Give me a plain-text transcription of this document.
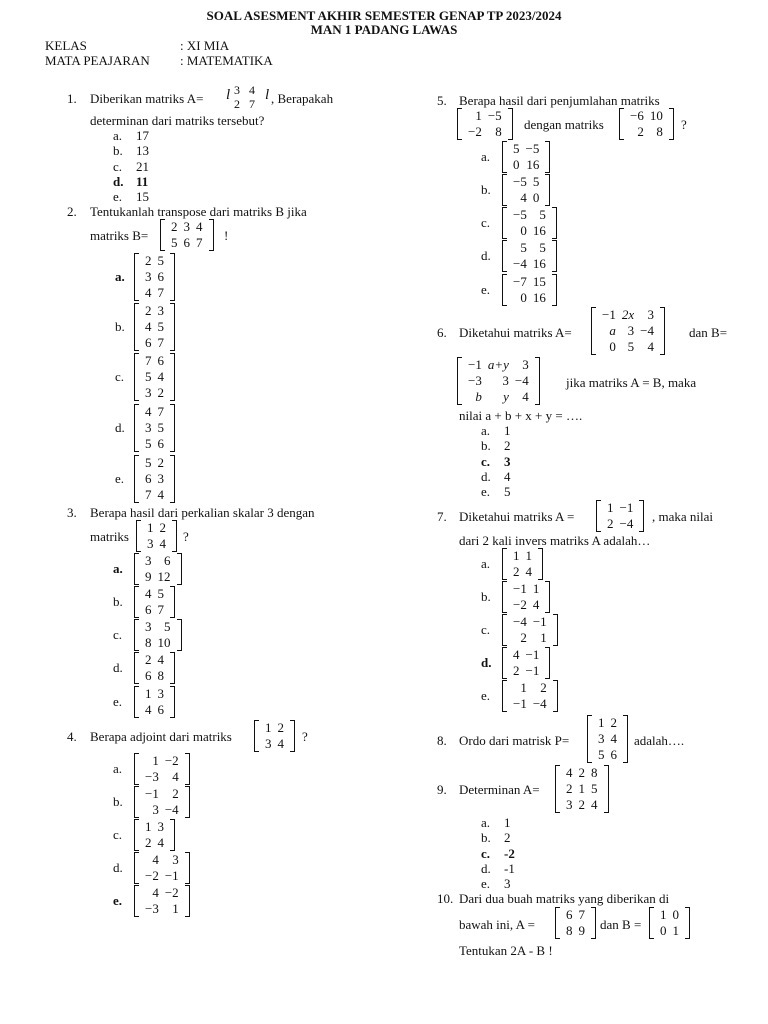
SOAL ASESMENT AKHIR SEMESTER GENAP TP 2023/2024
MAN 1 PADANG LAWAS
KELAS	: XI MIA
MATA PEAJARAN : MATEMATIKA
1. Diberikan matriks A= l 3   4
2   7
l , Berapakah
determinan dari matriks tersebut?
2. Tentukanlah transpose dari matriks B jika
matriks B=	!
3. Berapa hasil dari perkalian skalar 3 dengan
matriks	?
4. Berapa adjoint dari matriks	?
5. Berapa hasil dari penjumlahan matriks
dengan matriks	?
6. Diketahui matriks A=	dan B=
jika matriks A = B, maka
nilai a + b + x + y = ….
7. Diketahui matriks A =	, maka nilai
dari 2 kali invers matriks A adalah…
8. Ordo dari matrisk P=	adalah….
9. Determinan A=
10. Dari dua buah matriks yang diberikan di
bawah ini, A =	dan B =
Tentukan 2A - B !
a. 17
b. 13
c. 21
d. 11
e. 15
a. 1
b. 2
c. 3
d. 4
e. 5
a. 1
b. 2
c. -2
d. -1
e. 3
a.
2	5
3	6
4	7
b.
2	3
4	5
6	7
c.
7	6
5	4
3	2
d.
4	7
3	5
5	6
e.
5	2
6	3
7	4
a.
3	6
9	12
b.
4	5
6	7
c.
3	5
8	10
d.
2	4
6	8
e.
1	3
4	6
a.
1	−2
−3	4
b.
−1	2
3	−4
c.
1	3
2	4
d.
4	3
−2	−1
e.
4	−2
−3	1
a.
5	−5
0	16
b.
−5	5
4	0
c.
−5	5
0	16
d.
5	5
−4	16
e.
−7	15
0	16
a.
1	1
2	4
b.
−1	1
−2	4
c.
−4	−1
2	1
d.
4	−1
2	−1
e.
1	2
−1	−4
2	3	4
5	6	7
1	2
3	4
1	2
3	4
1	−5
−2	8
−6	10
2	8
−1	2x	3
a	3	−4
0	5	4
−1	a+y	3
−3	3	−4
b	y	4
1	−1
2	−4
1	2
3	4
5	6
4	2	8
2	1	5
3	2	4
6	7
8	9
1	0
0	1
